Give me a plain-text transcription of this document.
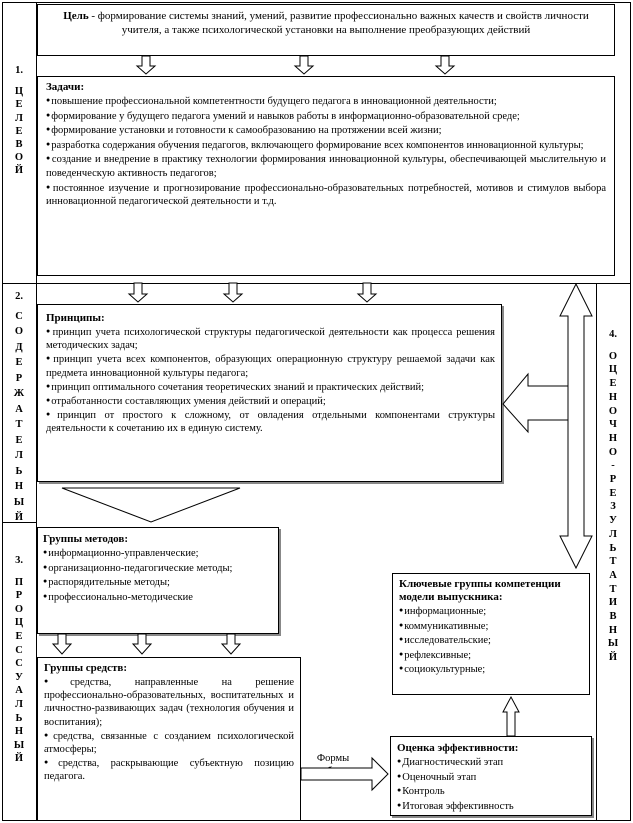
1.
Ц
Е
Л
Е
В
О
Й
2.
С
О
Д
Е
Р
Ж
А
Т
Е
Л
Ь
Н
Ы
Й
3.
П
Р
О
Ц
Е
С
С
У
А
Л
Ь
Н
Ы
Й
4.
О
Ц
Е
Н
О
Ч
Н
О
-
Р
Е
З
У
Л
Ь
Т
А
Т
И
В
Н
Ы
Й
Цель - формирование системы знаний, умений, развитие профессионально важных качеств и свойств личности учителя, а также психологической установки на выполнение преобразующих действий
Задачи:
● повышение профессиональной компетентности будущего педагога в инновационной деятельности;
● формирование у будущего педагога умений и навыков работы в информационно-образовательной среде;
● формирование установки и готовности к самообразованию на протяжении всей жизни;
● разработка содержания обучения педагогов, включающего формирование всех компонентов инновационной культуры;
● создание и внедрение в практику технологии формирования инновационной культуры, обеспечивающей мыслительную и поведенческую активность педагогов;
● постоянное изучение и прогнозирование профессионально-образовательных потребностей, мотивов и стимулов выбора инновационной педагогической деятельности и т.д.
Принципы:
● принцип учета психологической структуры педагогической деятельности как процесса решения методических задач;
● принцип учета всех компонентов, образующих операционную структуру решаемой задачи как предмета инновационной культуры педагога;
● принцип оптимального сочетания теоретических знаний и практических действий;
● отработанности составляющих умения действий и операций;
● принцип от простого к сложному, от овладения отдельными компонентами структуры деятельности к сочетанию их в единую систему.
Группы методов:
● информационно-управленческие;
● организационно-педагогические методы;
● распорядительные методы;
● профессионально-методические
Группы средств:
● средства, направленные на решение профессионально-образовательных, воспитательных и личностно-развивающих задач (технология обучения и воспитания);
● средства, связанные с созданием психологической атмосферы;
● средства, раскрывающие субъектную позицию педагога.
Формы
Ключевые группы компетенции модели выпускника:
● информационные;
● коммуникативные;
● исследовательские;
● рефлексивные;
● социокультурные;
Оценка эффективности:
● Диагностический этап
● Оценочный этап
● Контроль
● Итоговая эффективность
